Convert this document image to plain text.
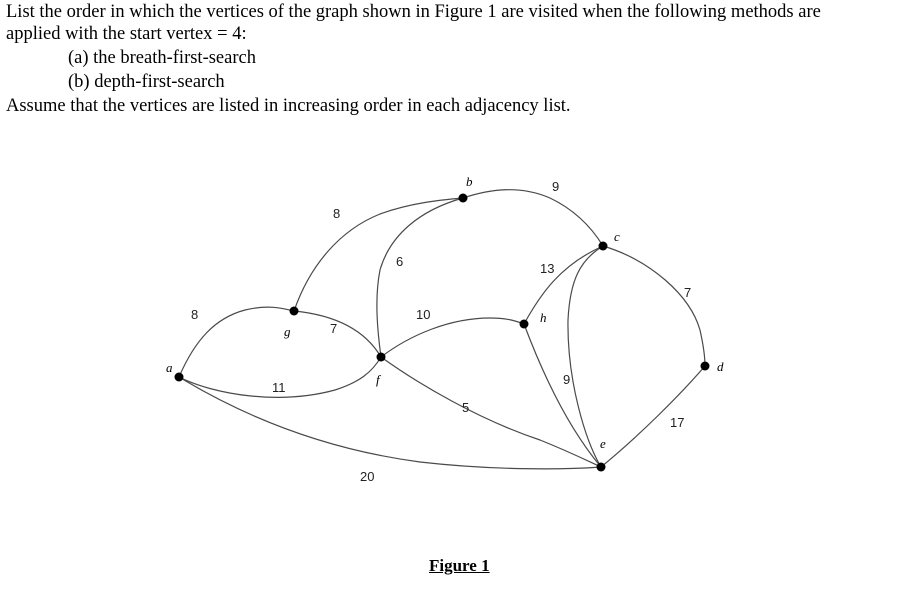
List the order in which the vertices of the graph shown in Figure 1 are visited when the following methods are
applied with the start vertex = 4:
(a) the breath-first-search
(b) depth-first-search
Assume that the vertices are listed in increasing order in each adjacency list.
a
b
c
d
e
f
g
h
8
8
7
11
20
6
9
10
5
13
9
7
17
Figure 1
